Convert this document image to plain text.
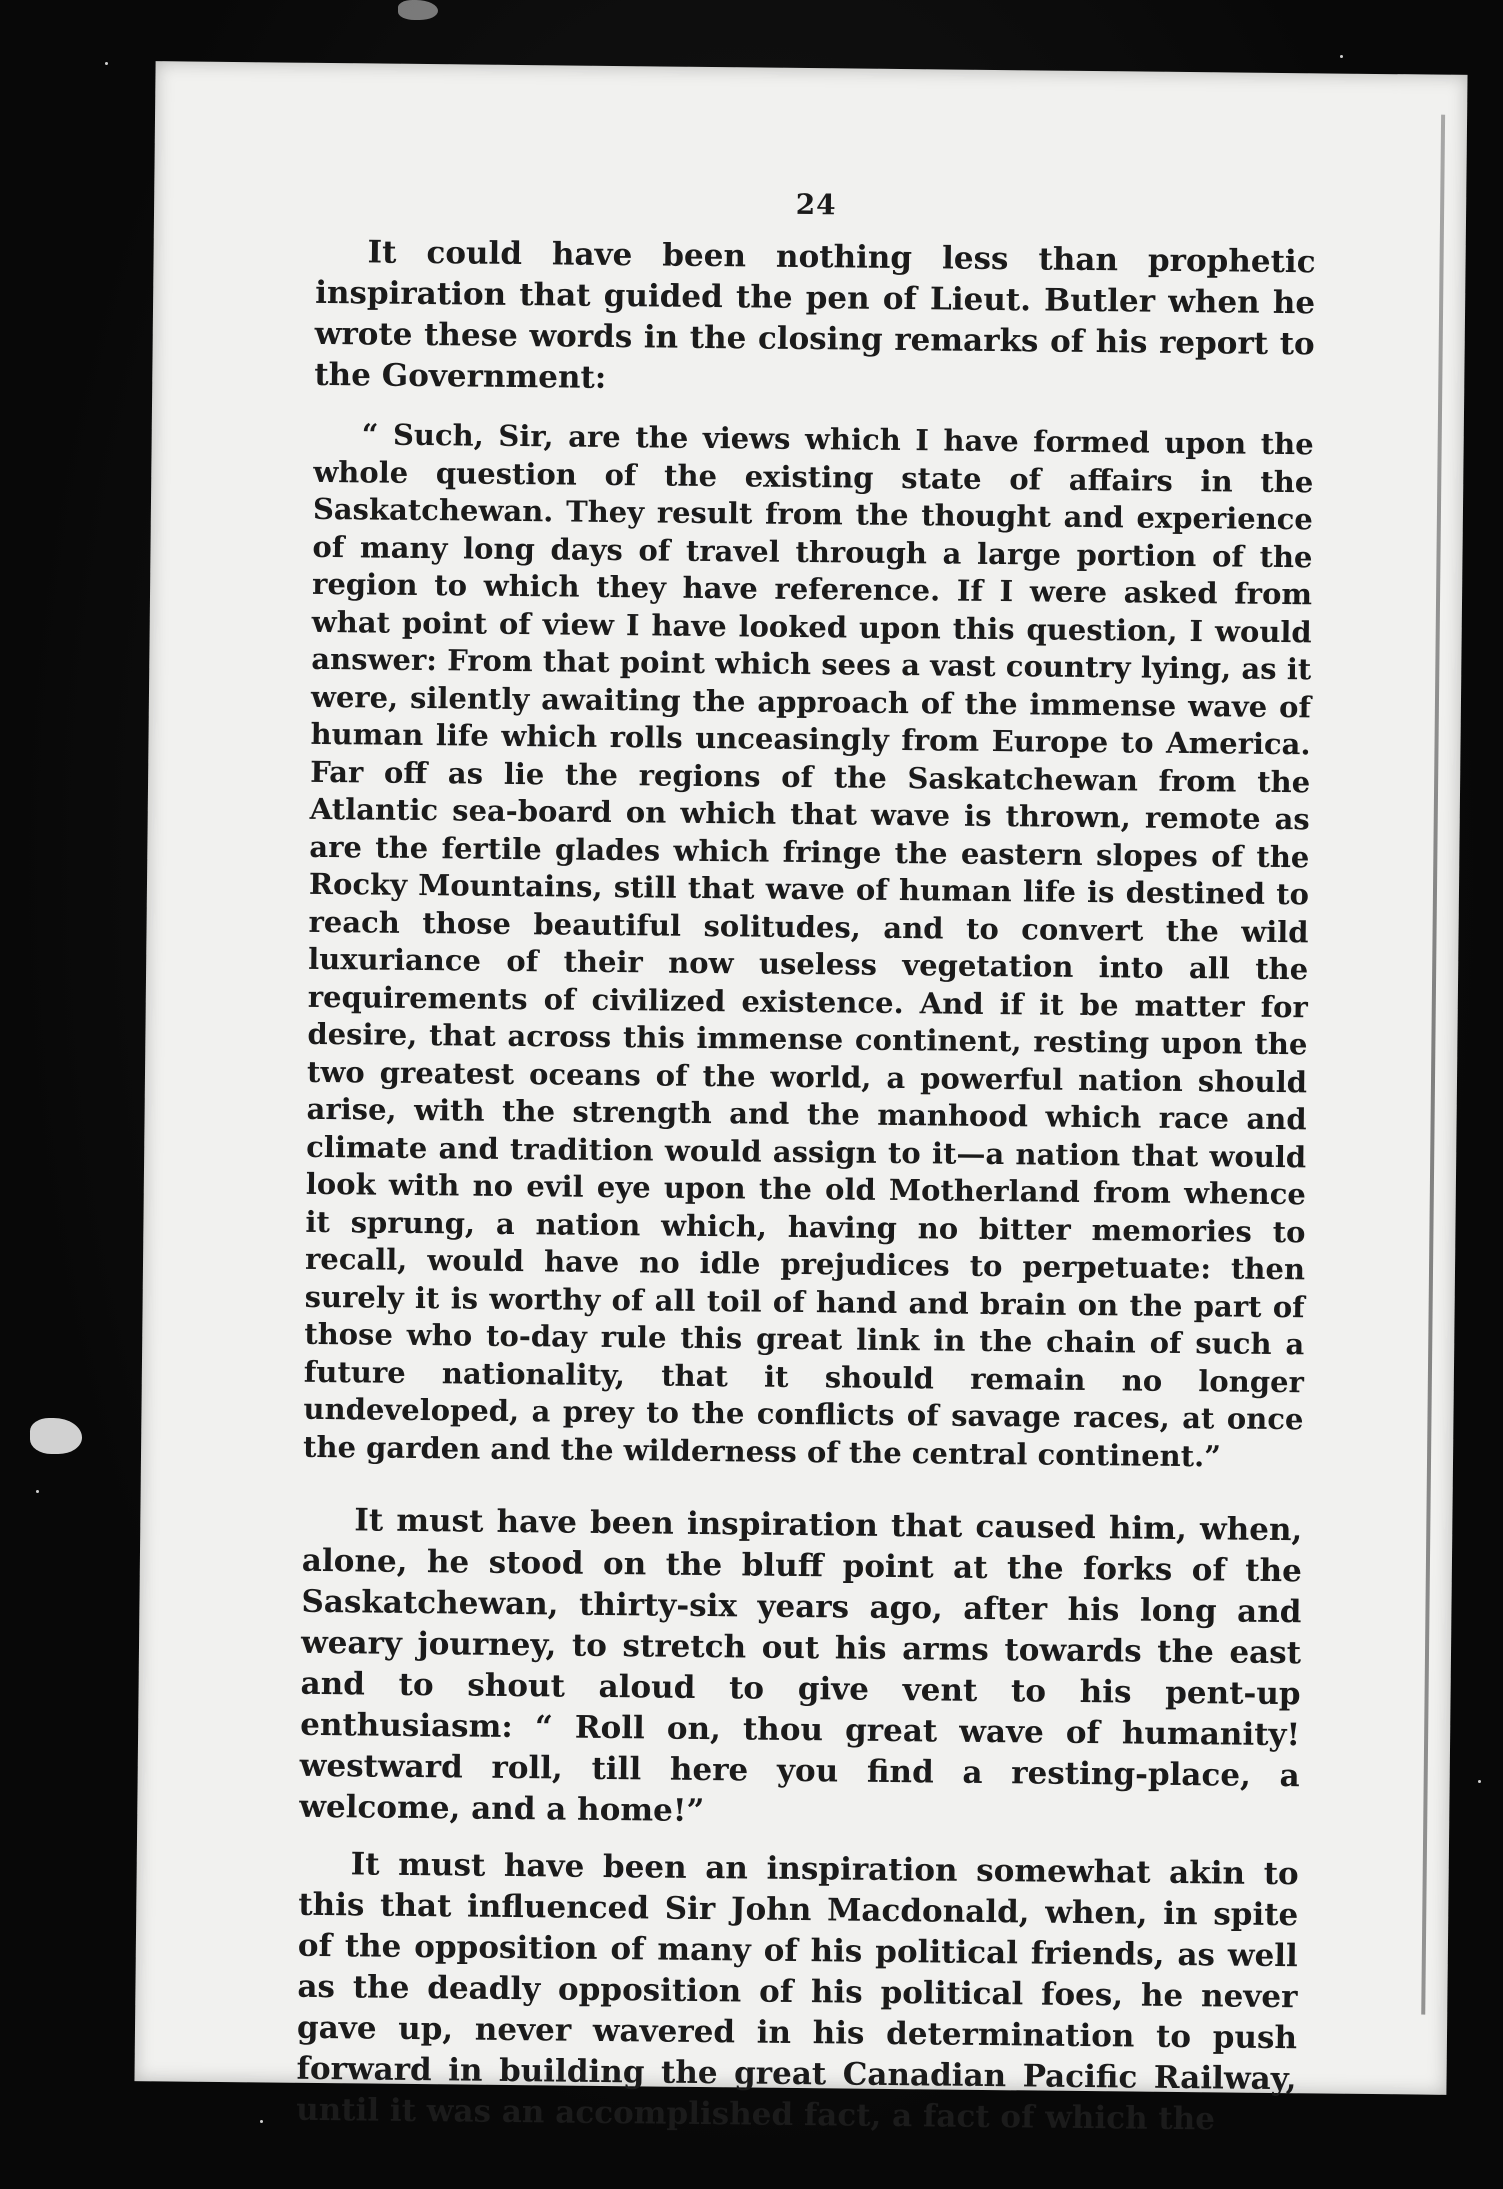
24

It could have been nothing less than prophetic inspiration that guided the pen of Lieut. Butler when he wrote these words in the closing remarks of his report to the Government:

“ Such, Sir, are the views which I have formed upon the whole question of the existing state of affairs in the Saskatchewan. They result from the thought and experience of many long days of travel through a large portion of the region to which they have reference. If I were asked from what point of view I have looked upon this question, I would answer: From that point which sees a vast country lying, as it were, silently awaiting the approach of the immense wave of human life which rolls unceasingly from Europe to America. Far off as lie the regions of the Saskatchewan from the Atlantic sea-board on which that wave is thrown, remote as are the fertile glades which fringe the eastern slopes of the Rocky Mountains, still that wave of human life is destined to reach those beautiful solitudes, and to convert the wild luxuriance of their now useless vegetation into all the requirements of civilized existence. And if it be matter for desire, that across this immense continent, resting upon the two greatest oceans of the world, a powerful nation should arise, with the strength and the manhood which race and climate and tradition would assign to it—a nation that would look with no evil eye upon the old Motherland from whence it sprung, a nation which, having no bitter memories to recall, would have no idle prejudices to perpetuate: then surely it is worthy of all toil of hand and brain on the part of those who to-day rule this great link in the chain of such a future nationality, that it should remain no longer undeveloped, a prey to the conflicts of savage races, at once the garden and the wilderness of the central continent.”

It must have been inspiration that caused him, when, alone, he stood on the bluff point at the forks of the Saskatchewan, thirty-six years ago, after his long and weary journey, to stretch out his arms towards the east and to shout aloud to give vent to his pent-up enthusiasm: “ Roll on, thou great wave of humanity! westward roll, till here you find a resting-place, a welcome, and a home!”

It must have been an inspiration somewhat akin to this that influenced Sir John Macdonald, when, in spite of the opposition of many of his political friends, as well as the deadly opposition of his political foes, he never gave up, never wavered in his determination to push forward in building the great Canadian Pacific Railway, until it was an accomplished fact, a fact of which the
